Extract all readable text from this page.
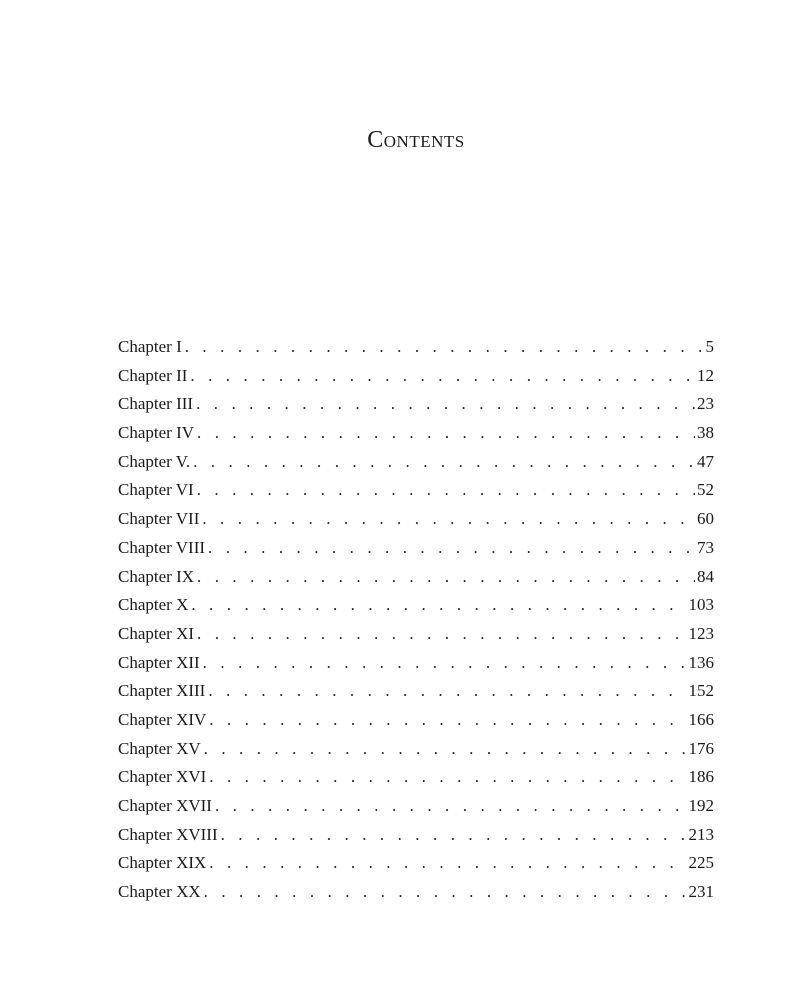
Contents
Chapter I . . .	5
Chapter II . . .	12
Chapter III . . .	23
Chapter IV . . .	38
Chapter V. . . .	47
Chapter VI . . .	52
Chapter VII . . .	60
Chapter VIII . . .	73
Chapter IX . . .	84
Chapter X . . .	103
Chapter XI . . .	123
Chapter XII . . .	136
Chapter XIII . . .	152
Chapter XIV . . .	166
Chapter XV . . .	176
Chapter XVI . . .	186
Chapter XVII . . .	192
Chapter XVIII . . .	213
Chapter XIX . . .	225
Chapter XX . . .	231
